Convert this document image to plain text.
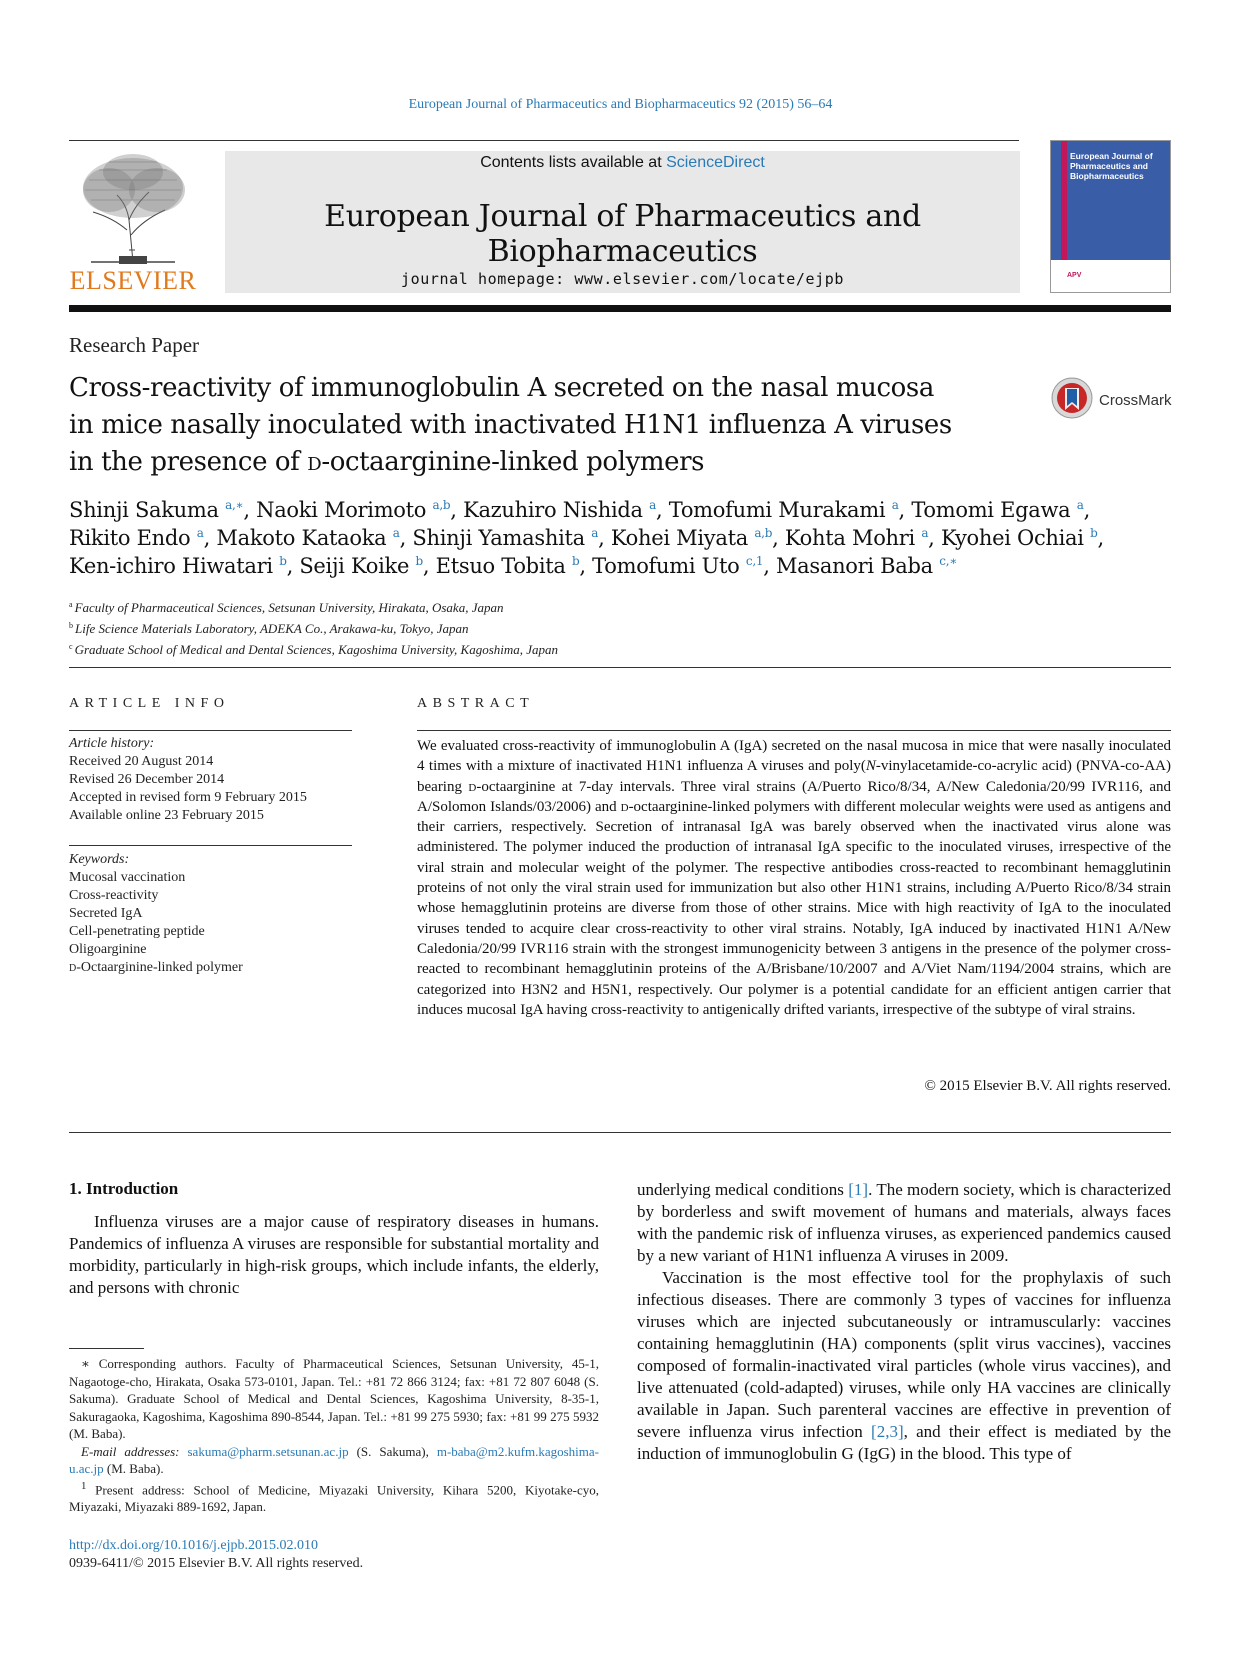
European Journal of Pharmaceutics and Biopharmaceutics 92 (2015) 56–64
ELSEVIER
Contents lists available at ScienceDirect
European Journal of Pharmaceutics and Biopharmaceutics
journal homepage: www.elsevier.com/locate/ejpb
European Journal of Pharmaceutics and Biopharmaceutics
APV
Research Paper
Cross-reactivity of immunoglobulin A secreted on the nasal mucosa
in mice nasally inoculated with inactivated H1N1 influenza A viruses
in the presence of d-octaarginine-linked polymers
CrossMark
Shinji Sakuma $^{a,∗}$, Naoki Morimoto $^{a,b}$, Kazuhiro Nishida $^a$, Tomofumi Murakami $^a$, Tomomi Egawa $^a$,
Rikito Endo $^a$, Makoto Kataoka $^a$, Shinji Yamashita $^a$, Kohei Miyata $^{a,b}$, Kohta Mohri $^a$, Kyohei Ochiai $^b$,
Ken-ichiro Hiwatari $^b$, Seiji Koike $^b$, Etsuo Tobita $^b$, Tomofumi Uto $^{c,1}$, Masanori Baba $^{c,∗}$
$^a$ Faculty of Pharmaceutical Sciences, Setsunan University, Hirakata, Osaka, Japan
$^b$ Life Science Materials Laboratory, ADEKA Co., Arakawa-ku, Tokyo, Japan
$^c$ Graduate School of Medical and Dental Sciences, Kagoshima University, Kagoshima, Japan
ARTICLE INFO
Article history:
Received 20 August 2014
Revised 26 December 2014
Accepted in revised form 9 February 2015
Available online 23 February 2015
Keywords:
Mucosal vaccination
Cross-reactivity
Secreted IgA
Cell-penetrating peptide
Oligoarginine
d-Octaarginine-linked polymer
ABSTRACT
We evaluated cross-reactivity of immunoglobulin A (IgA) secreted on the nasal mucosa in mice that were nasally inoculated 4 times with a mixture of inactivated H1N1 influenza A viruses and poly(N-vinylacetamide-co-acrylic acid) (PNVA-co-AA) bearing d-octaarginine at 7-day intervals. Three viral strains (A/Puerto Rico/8/34, A/New Caledonia/20/99 IVR116, and A/Solomon Islands/03/2006) and d-octaarginine-linked polymers with different molecular weights were used as antigens and their carriers, respectively. Secretion of intranasal IgA was barely observed when the inactivated virus alone was administered. The polymer induced the production of intranasal IgA specific to the inoculated viruses, irrespective of the viral strain and molecular weight of the polymer. The respective antibodies cross-reacted to recombinant hemagglutinin proteins of not only the viral strain used for immunization but also other H1N1 strains, including A/Puerto Rico/8/34 strain whose hemagglutinin proteins are diverse from those of other strains. Mice with high reactivity of IgA to the inoculated viruses tended to acquire clear cross-reactivity to other viral strains. Notably, IgA induced by inactivated H1N1 A/New Caledonia/20/99 IVR116 strain with the strongest immunogenicity between 3 antigens in the presence of the polymer cross-reacted to recombinant hemagglutinin proteins of the A/Brisbane/10/2007 and A/Viet Nam/1194/2004 strains, which are categorized into H3N2 and H5N1, respectively. Our polymer is a potential candidate for an efficient antigen carrier that induces mucosal IgA having cross-reactivity to antigenically drifted variants, irrespective of the subtype of viral strains.
© 2015 Elsevier B.V. All rights reserved.
1. Introduction

Influenza viruses are a major cause of respiratory diseases in humans. Pandemics of influenza A viruses are responsible for substantial mortality and morbidity, particularly in high-risk groups, which include infants, the elderly, and persons with chronic

underlying medical conditions [1]. The modern society, which is characterized by borderless and swift movement of humans and materials, always faces with the pandemic risk of influenza viruses, as experienced pandemics caused by a new variant of H1N1 influenza A viruses in 2009.

Vaccination is the most effective tool for the prophylaxis of such infectious diseases. There are commonly 3 types of vaccines for influenza viruses which are injected subcutaneously or intramuscularly: vaccines containing hemagglutinin (HA) components (split virus vaccines), vaccines composed of formalin-inactivated viral particles (whole virus vaccines), and live attenuated (cold-adapted) viruses, while only HA vaccines are clinically available in Japan. Such parenteral vaccines are effective in prevention of severe influenza virus infection [2,3], and their effect is mediated by the induction of immunoglobulin G (IgG) in the blood. This type of

∗ Corresponding authors. Faculty of Pharmaceutical Sciences, Setsunan University, 45-1, Nagaotoge-cho, Hirakata, Osaka 573-0101, Japan. Tel.: +81 72 866 3124; fax: +81 72 807 6048 (S. Sakuma). Graduate School of Medical and Dental Sciences, Kagoshima University, 8-35-1, Sakuragaoka, Kagoshima, Kagoshima 890-8544, Japan. Tel.: +81 99 275 5930; fax: +81 99 275 5932 (M. Baba).

E-mail addresses: sakuma@pharm.setsunan.ac.jp (S. Sakuma), m-baba@m2.kufm.kagoshima-u.ac.jp (M. Baba).

$^1$ Present address: School of Medicine, Miyazaki University, Kihara 5200, Kiyotake-cyo, Miyazaki, Miyazaki 889-1692, Japan.

http://dx.doi.org/10.1016/j.ejpb.2015.02.010
0939-6411/© 2015 Elsevier B.V. All rights reserved.
